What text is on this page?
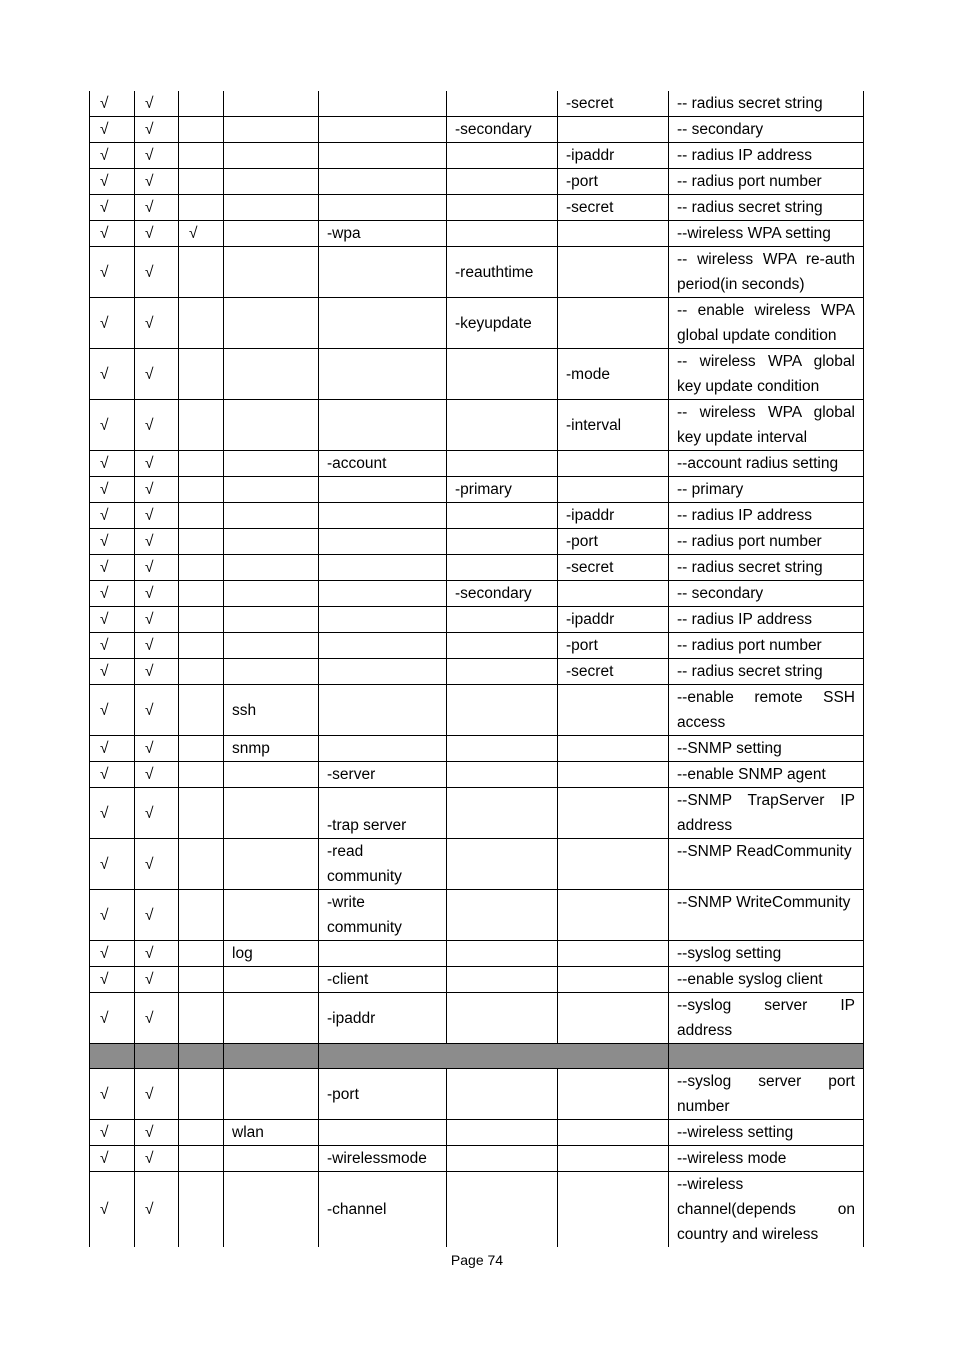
√	√					-secret	-- radius secret string
√	√				-secondary		-- secondary
√	√					-ipaddr	-- radius IP address
√	√					-port	-- radius port number
√	√					-secret	-- radius secret string
√	√	√		-wpa			--wireless WPA setting
√	√				-reauthtime		-- wireless WPA re-auth period(in seconds)
√	√				-keyupdate		-- enable wireless WPA global update condition
√	√					-mode	-- wireless WPA global key update condition
√	√					-interval	-- wireless WPA global key update interval
√	√			-account			--account radius setting
√	√				-primary		-- primary
√	√					-ipaddr	-- radius IP address
√	√					-port	-- radius port number
√	√					-secret	-- radius secret string
√	√				-secondary		-- secondary
√	√					-ipaddr	-- radius IP address
√	√					-port	-- radius port number
√	√					-secret	-- radius secret string
√	√		ssh				--enable remote SSH access
√	√		snmp				--SNMP setting
√	√			-server			--enable SNMP agent
√	√			-trap server			--SNMP TrapServer IP address
√	√			-read community			--SNMP ReadCommunity
√	√			-write community			--SNMP WriteCommunity
√	√		log				--syslog setting
√	√			-client			--enable syslog client
√	√			-ipaddr			--syslog server IP address

√	√			-port			--syslog server port number
√	√		wlan				--wireless setting
√	√			-wirelessmode			--wireless mode
√	√			-channel			--wireless channel(depends on country and wireless
Page 74
